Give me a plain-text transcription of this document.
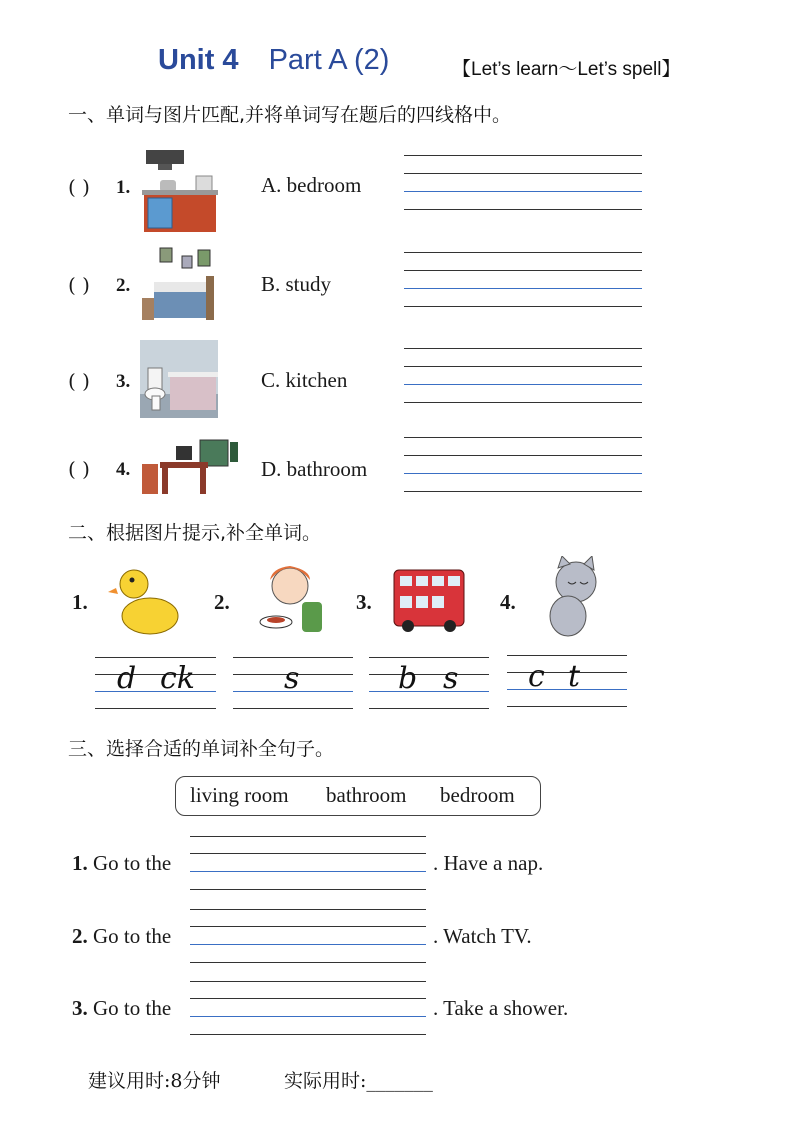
Unit 4 Part A (2)	【Let’s learn～Let’s spell】
一、单词与图片匹配,并将单词写在题后的四线格中。
( ) 1.	A. bedroom
( ) 2.	B. study
( ) 3.	C. kitchen
( ) 4.	D. bathroom
二、根据图片提示,补全单词。
1.	2.	3.	4.
d ck	s	b s c t
三、选择合适的单词补全句子。
living room bathroom bedroom
1. Go to the	. Have a nap.
2. Go to the	. Watch TV.
3. Go to the	. Take a shower.
建议用时:8分钟	实际用时:_______
